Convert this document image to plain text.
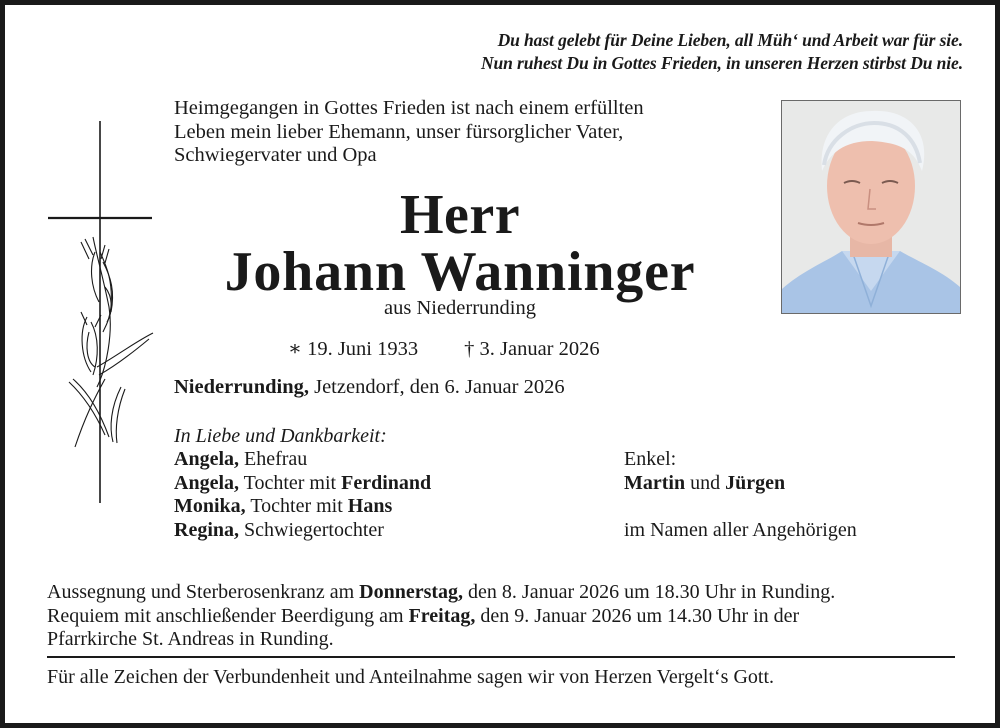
Du hast gelebt für Deine Lieben, all Müh‘ und Arbeit war für sie.
Nun ruhest Du in Gottes Frieden, in unseren Herzen stirbst Du nie.
Heimgegangen in Gottes Frieden ist nach einem erfüllten
Leben mein lieber Ehemann, unser fürsorglicher Vater,
Schwiegervater und Opa
Herr
Johann Wanninger
aus Niederrunding
∗ 19. Juni 1933 † 3. Januar 2026
Niederrunding, Jetzendorf, den 6. Januar 2026
In Liebe und Dankbarkeit:
Angela, Ehefrau
Angela, Tochter mit Ferdinand
Monika, Tochter mit Hans
Regina, Schwiegertochter
Enkel:
Martin und Jürgen

im Namen aller Angehörigen
Aussegnung und Sterberosenkranz am Donnerstag, den 8. Januar 2026 um 18.30 Uhr in Runding.
Requiem mit anschließender Beerdigung am Freitag, den 9. Januar 2026 um 14.30 Uhr in der
Pfarrkirche St. Andreas in Runding.
Für alle Zeichen der Verbundenheit und Anteilnahme sagen wir von Herzen Vergelt‘s Gott.
